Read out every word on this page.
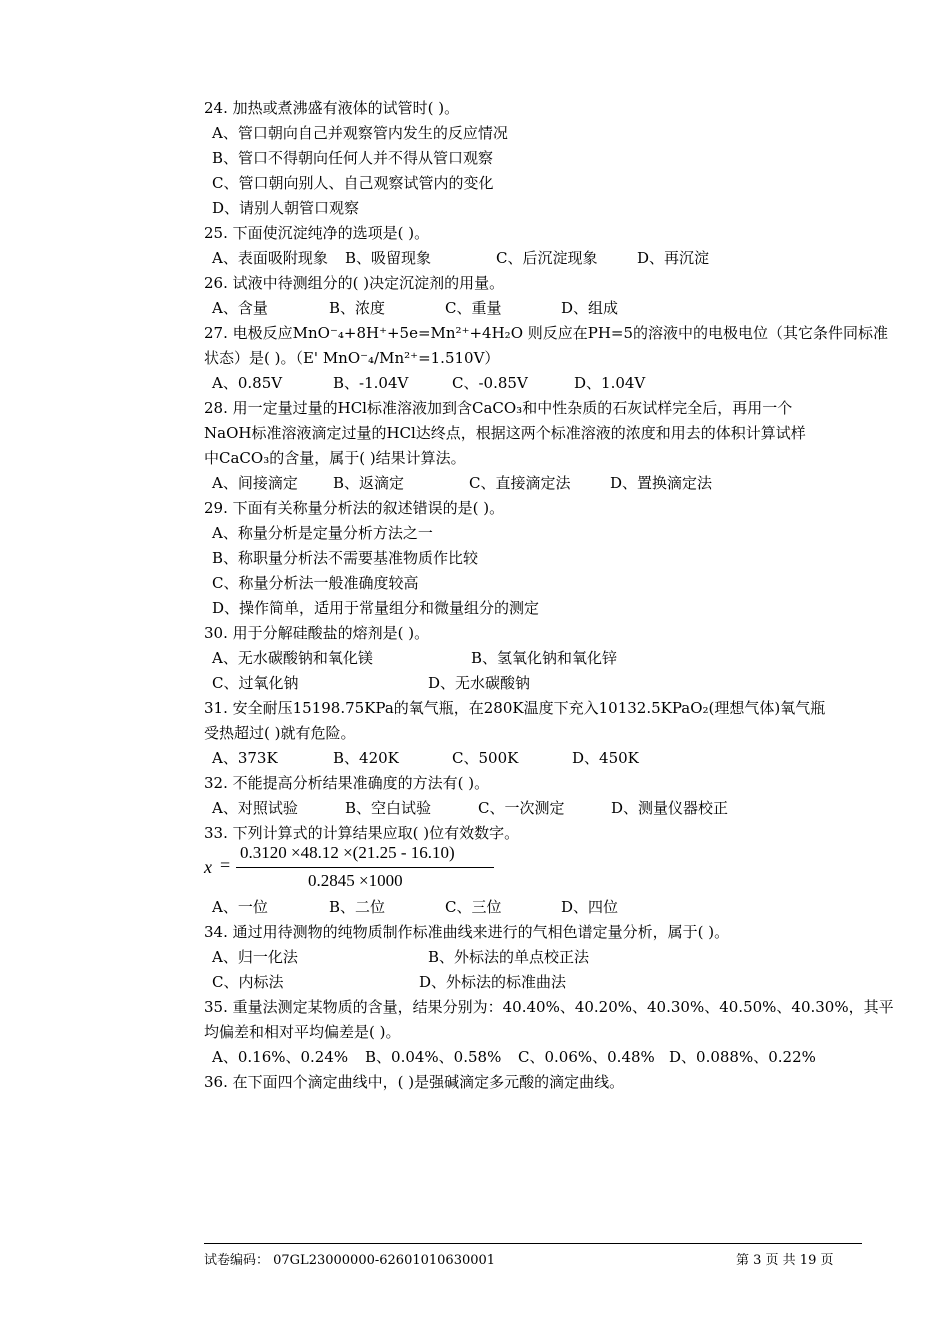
24. 加热或煮沸盛有液体的试管时( )。
A、管口朝向自己并观察管内发生的反应情况
B、管口不得朝向任何人并不得从管口观察
C、管口朝向别人、自己观察试管内的变化
D、请别人朝管口观察
25. 下面使沉淀纯净的选项是( )。
A、表面吸附现象 B、吸留现象	C、后沉淀现象	D、再沉淀
26. 试液中待测组分的( )决定沉淀剂的用量。
A、含量	B、浓度	C、重量	D、组成
27. 电极反应MnO⁻₄+8H⁺+5e=Mn²⁺+4H₂O 则反应在PH=5的溶液中的电极电位（其它条件同标准
状态）是( )。（E' MnO⁻₄/Mn²⁺=1.510V）
A、0.85V	B、-1.04V	C、-0.85V	D、1.04V
28. 用一定量过量的HCl标准溶液加到含CaCO₃和中性杂质的石灰试样完全后，再用一个
NaOH标准溶液滴定过量的HCl达终点，根据这两个标准溶液的浓度和用去的体积计算试样
中CaCO₃的含量，属于( )结果计算法。
A、间接滴定 B、返滴定	C、直接滴定法	D、置换滴定法
29. 下面有关称量分析法的叙述错误的是( )。
A、称量分析是定量分析方法之一
B、称职量分析法不需要基准物质作比较
C、称量分析法一般准确度较高
D、操作简单，适用于常量组分和微量组分的测定
30. 用于分解硅酸盐的熔剂是( )。
A、无水碳酸钠和氧化镁	B、氢氧化钠和氧化锌
C、过氧化钠	D、无水碳酸钠
31. 安全耐压15198.75KPa的氧气瓶，在280K温度下充入10132.5KPaO₂(理想气体)氧气瓶
受热超过( )就有危险。
A、373K	B、420K	C、500K	D、450K
32. 不能提高分析结果准确度的方法有( )。
A、对照试验	B、空白试验	C、一次测定	D、测量仪器校正
33. 下列计算式的计算结果应取( )位有效数字。
x =
0.3120 ×48.12 ×(21.25 - 16.10)
0.2845 ×1000
A、一位	B、二位	C、三位	D、四位
34. 通过用待测物的纯物质制作标准曲线来进行的气相色谱定量分析，属于( )。
A、归一化法	B、外标法的单点校正法
C、内标法	D、外标法的标准曲法
35. 重量法测定某物质的含量，结果分别为：40.40%、40.20%、40.30%、40.50%、40.30%，其平
均偏差和相对平均偏差是( )。
A、0.16%、0.24% B、0.04%、0.58% C、0.06%、0.48% D、0.088%、0.22%
36. 在下面四个滴定曲线中，( )是强碱滴定多元酸的滴定曲线。
试卷编码： 07GL23000000-62601010630001	第 3 页 共 19 页
